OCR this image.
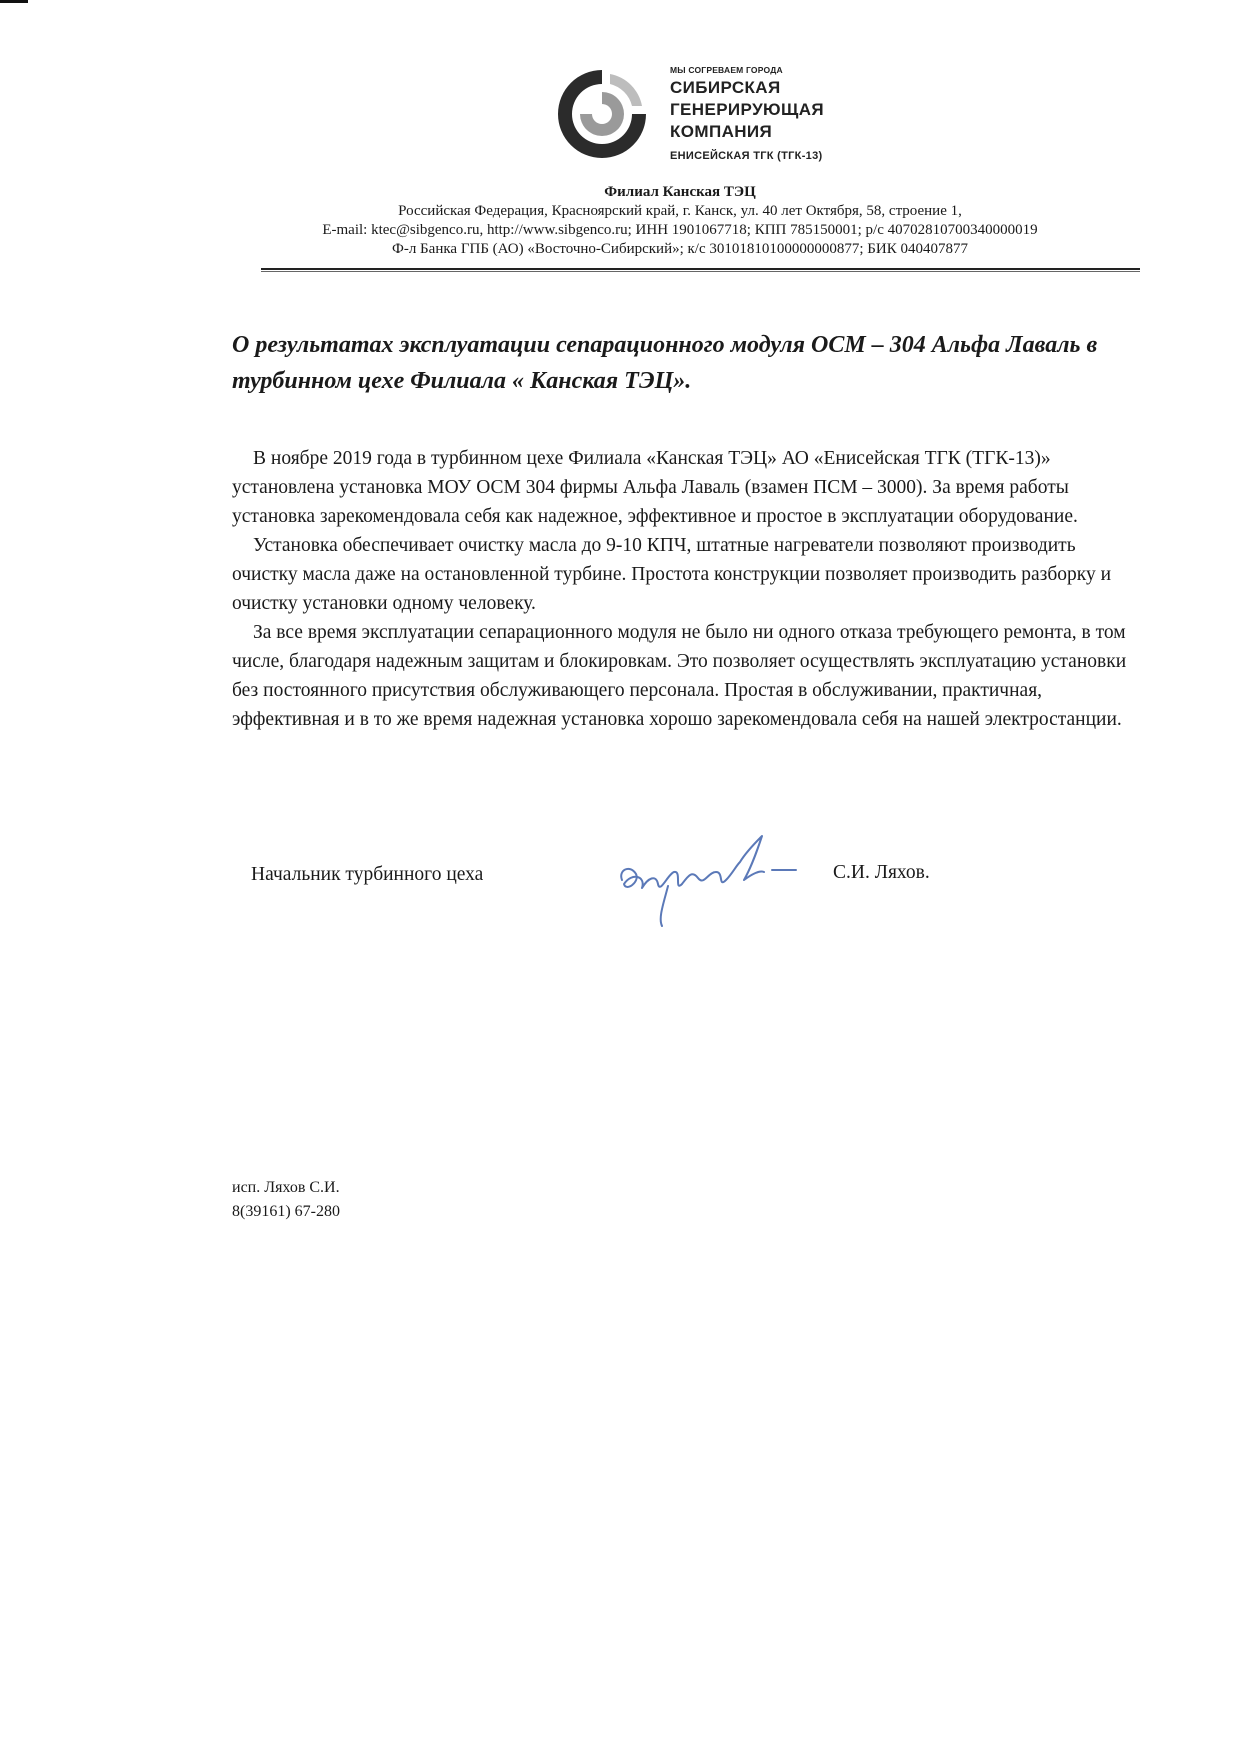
МЫ СОГРЕВАЕМ ГОРОДА
СИБИРСКАЯ
ГЕНЕРИРУЮЩАЯ
КОМПАНИЯ
ЕНИСЕЙСКАЯ ТГК (ТГК-13)
Филиал Канская ТЭЦ
Российская Федерация, Красноярский край, г. Канск, ул. 40 лет Октября, 58, строение 1,
E-mail: ktec@sibgenco.ru, http://www.sibgenco.ru; ИНН 1901067718; КПП 785150001; р/с 40702810700340000019
Ф-л Банка ГПБ (АО) «Восточно-Сибирский»; к/с 30101810100000000877; БИК 040407877
О результатах эксплуатации сепарационного модуля ОСМ – 304 Альфа Лаваль в турбинном цехе Филиала « Канская ТЭЦ».

В ноябре 2019 года в турбинном цехе Филиала «Канская ТЭЦ» АО «Енисейская ТГК (ТГК-13)» установлена установка МОУ ОСМ 304 фирмы Альфа Лаваль (взамен ПСМ – 3000). За время работы установка зарекомендовала себя как надежное, эффективное и простое в эксплуатации оборудование.

Установка обеспечивает очистку масла до 9-10 КПЧ, штатные нагреватели позволяют производить очистку масла даже на остановленной турбине. Простота конструкции позволяет производить разборку и очистку установки одному человеку.

За все время эксплуатации сепарационного модуля не было ни одного отказа требующего ремонта, в том числе, благодаря надежным защитам и блокировкам. Это позволяет осуществлять эксплуатацию установки без постоянного присутствия обслуживающего персонала. Простая в обслуживании, практичная, эффективная и в то же время надежная установка хорошо зарекомендовала себя на нашей электростанции.

Начальник турбинного цеха	С.И. Ляхов.
исп. Ляхов С.И.
8(39161) 67-280
